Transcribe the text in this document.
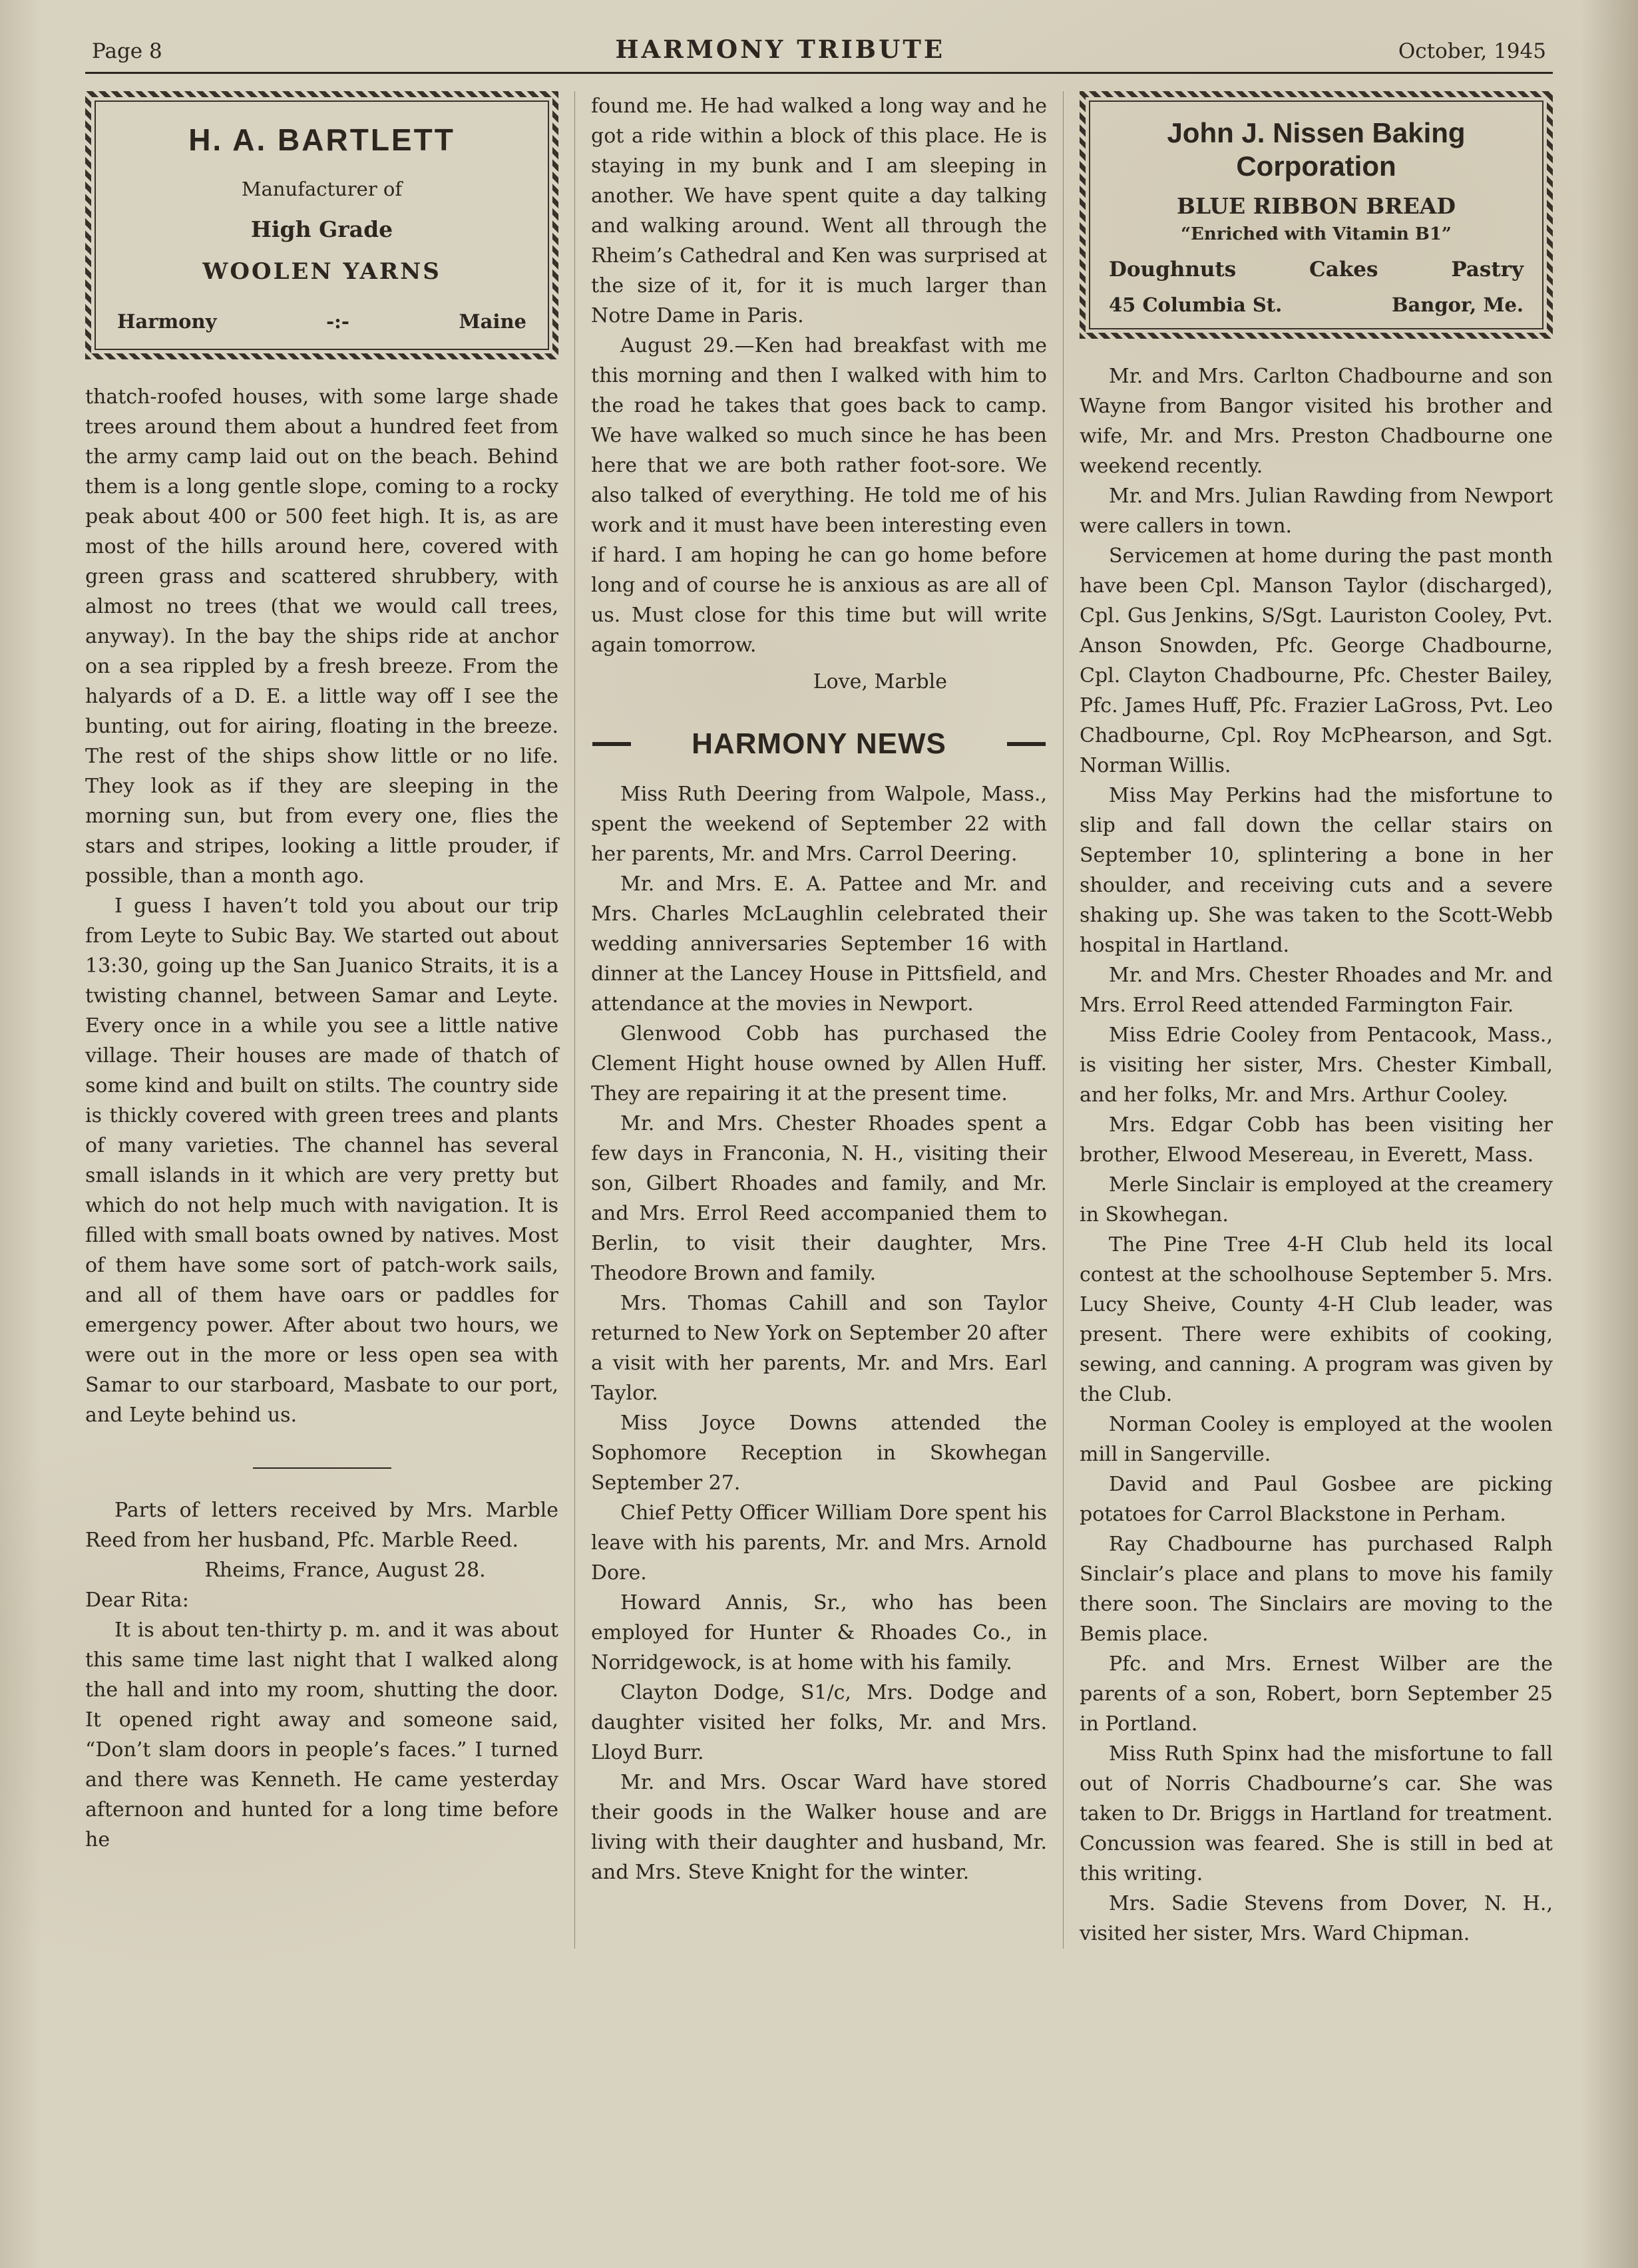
Page 8	HARMONY TRIBUTE	October, 1945
H. A. BARTLETT
Manufacturer of
High Grade
WOOLEN YARNS
Harmony	-:-	Maine

thatch-roofed houses, with some large shade trees around them about a hundred feet from the army camp laid out on the beach. Behind them is a long gentle slope, coming to a rocky peak about 400 or 500 feet high. It is, as are most of the hills around here, covered with green grass and scattered shrubbery, with almost no trees (that we would call trees, anyway). In the bay the ships ride at anchor on a sea rippled by a fresh breeze. From the halyards of a D. E. a little way off I see the bunting, out for airing, floating in the breeze. The rest of the ships show little or no life. They look as if they are sleeping in the morning sun, but from every one, flies the stars and stripes, looking a little prouder, if possible, than a month ago.

I guess I haven’t told you about our trip from Leyte to Subic Bay. We started out about 13:30, going up the San Juanico Straits, it is a twisting channel, between Samar and Leyte. Every once in a while you see a little native village. Their houses are made of thatch of some kind and built on stilts. The country side is thickly covered with green trees and plants of many varieties. The channel has several small islands in it which are very pretty but which do not help much with navigation. It is filled with small boats owned by natives. Most of them have some sort of patch-work sails, and all of them have oars or paddles for emergency power. After about two hours, we were out in the more or less open sea with Samar to our starboard, Masbate to our port, and Leyte behind us.

Parts of letters received by Mrs. Marble Reed from her husband, Pfc. Marble Reed.

Rheims, France, August 28.

Dear Rita:

It is about ten-thirty p. m. and it was about this same time last night that I walked along the hall and into my room, shutting the door. It opened right away and someone said, “Don’t slam doors in people’s faces.” I turned and there was Kenneth. He came yesterday afternoon and hunted for a long time before he

found me. He had walked a long way and he got a ride within a block of this place. He is staying in my bunk and I am sleeping in another. We have spent quite a day talking and walking around. Went all through the Rheim’s Cathedral and Ken was surprised at the size of it, for it is much larger than Notre Dame in Paris.

August 29.—Ken had breakfast with me this morning and then I walked with him to the road he takes that goes back to camp. We have walked so much since he has been here that we are both rather foot-sore. We also talked of everything. He told me of his work and it must have been interesting even if hard. I am hoping he can go home before long and of course he is anxious as are all of us. Must close for this time but will write again tomorrow.

Love, Marble
HARMONY NEWS

Miss Ruth Deering from Walpole, Mass., spent the weekend of September 22 with her parents, Mr. and Mrs. Carrol Deering.

Mr. and Mrs. E. A. Pattee and Mr. and Mrs. Charles McLaughlin celebrated their wedding anniversaries September 16 with dinner at the Lancey House in Pittsfield, and attendance at the movies in Newport.

Glenwood Cobb has purchased the Clement Hight house owned by Allen Huff. They are repairing it at the present time.

Mr. and Mrs. Chester Rhoades spent a few days in Franconia, N. H., visiting their son, Gilbert Rhoades and family, and Mr. and Mrs. Errol Reed accompanied them to Berlin, to visit their daughter, Mrs. Theodore Brown and family.

Mrs. Thomas Cahill and son Taylor returned to New York on September 20 after a visit with her parents, Mr. and Mrs. Earl Taylor.

Miss Joyce Downs attended the Sophomore Reception in Skowhegan September 27.

Chief Petty Officer William Dore spent his leave with his parents, Mr. and Mrs. Arnold Dore.

Howard Annis, Sr., who has been employed for Hunter & Rhoades Co., in Norridgewock, is at home with his family.

Clayton Dodge, S1/c, Mrs. Dodge and daughter visited her folks, Mr. and Mrs. Lloyd Burr.

Mr. and Mrs. Oscar Ward have stored their goods in the Walker house and are living with their daughter and husband, Mr. and Mrs. Steve Knight for the winter.

John J. Nissen Baking
Corporation
BLUE RIBBON BREAD
“Enriched with Vitamin B1”
Doughnuts	Cakes	Pastry
45 Columbia St.	Bangor, Me.

Mr. and Mrs. Carlton Chadbourne and son Wayne from Bangor visited his brother and wife, Mr. and Mrs. Preston Chadbourne one weekend recently.

Mr. and Mrs. Julian Rawding from Newport were callers in town.

Servicemen at home during the past month have been Cpl. Manson Taylor (discharged), Cpl. Gus Jenkins, S/Sgt. Lauriston Cooley, Pvt. Anson Snowden, Pfc. George Chadbourne, Cpl. Clayton Chadbourne, Pfc. Chester Bailey, Pfc. James Huff, Pfc. Frazier LaGross, Pvt. Leo Chadbourne, Cpl. Roy McPhearson, and Sgt. Norman Willis.

Miss May Perkins had the misfortune to slip and fall down the cellar stairs on September 10, splintering a bone in her shoulder, and receiving cuts and a severe shaking up. She was taken to the Scott-Webb hospital in Hartland.

Mr. and Mrs. Chester Rhoades and Mr. and Mrs. Errol Reed attended Farmington Fair.

Miss Edrie Cooley from Pentacook, Mass., is visiting her sister, Mrs. Chester Kimball, and her folks, Mr. and Mrs. Arthur Cooley.

Mrs. Edgar Cobb has been visiting her brother, Elwood Mesereau, in Everett, Mass.

Merle Sinclair is employed at the creamery in Skowhegan.

The Pine Tree 4-H Club held its local contest at the schoolhouse September 5. Mrs. Lucy Sheive, County 4-H Club leader, was present. There were exhibits of cooking, sewing, and canning. A program was given by the Club.

Norman Cooley is employed at the woolen mill in Sangerville.

David and Paul Gosbee are picking potatoes for Carrol Blackstone in Perham.

Ray Chadbourne has purchased Ralph Sinclair’s place and plans to move his family there soon. The Sinclairs are moving to the Bemis place.

Pfc. and Mrs. Ernest Wilber are the parents of a son, Robert, born September 25 in Portland.

Miss Ruth Spinx had the misfortune to fall out of Norris Chadbourne’s car. She was taken to Dr. Briggs in Hartland for treatment. Concussion was feared. She is still in bed at this writing.

Mrs. Sadie Stevens from Dover, N. H., visited her sister, Mrs. Ward Chipman.
